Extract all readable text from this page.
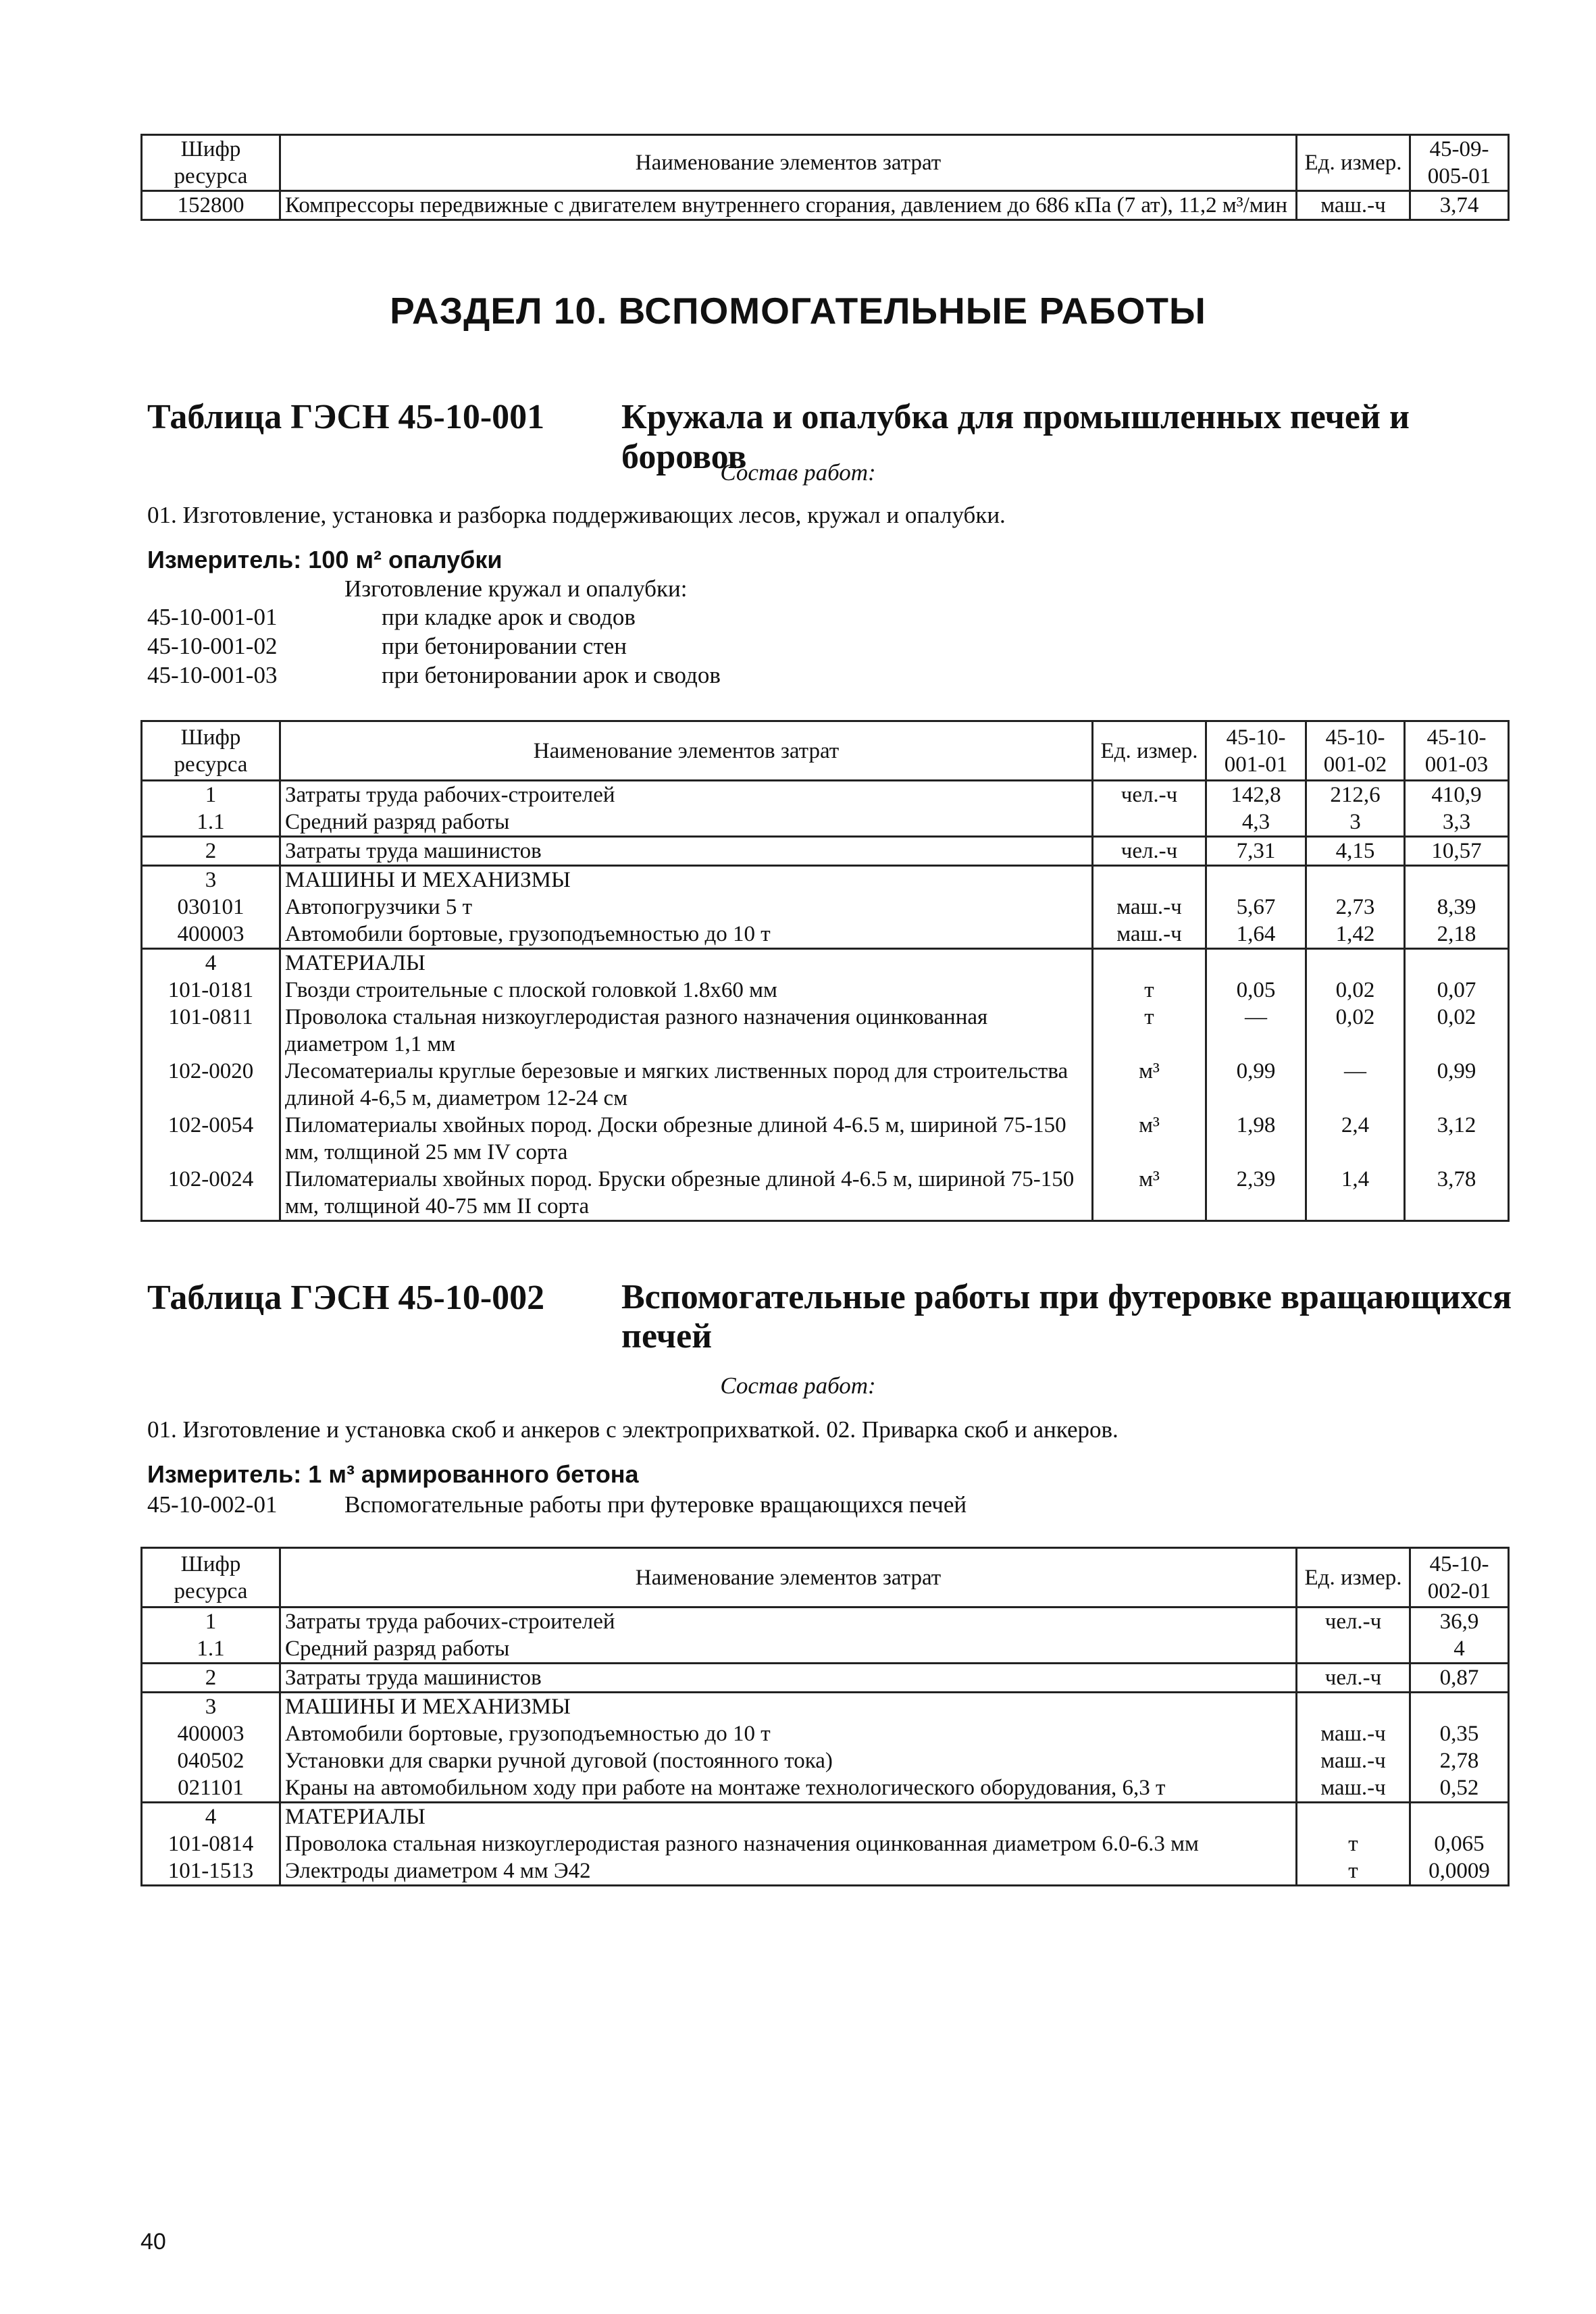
Шифр ресурса	Наименование элементов затрат	Ед. измер.	45-09-005-01
152800	Компрессоры передвижные с двигателем внутреннего сгорания, давлением до 686 кПа (7 ат), 11,2 м³/мин	маш.-ч	3,74
РАЗДЕЛ 10. ВСПОМОГАТЕЛЬНЫЕ РАБОТЫ
Таблица ГЭСН 45-10-001 Кружала и опалубка для промышленных печей и боровов
Состав работ:
01. Изготовление, установка и разборка поддерживающих лесов, кружал и опалубки.
Измеритель: 100 м² опалубки
Изготовление кружал и опалубки:
45-10-001-01	при кладке арок и сводов
45-10-001-02	при бетонировании стен
45-10-001-03	при бетонировании арок и сводов
Шифр ресурса	Наименование элементов затрат	Ед. измер.	45-10-001-01	45-10-001-02	45-10-001-03
1	Затраты труда рабочих-строителей	чел.-ч	142,8	212,6	410,9
1.1	Средний разряд работы		4,3	3	3,3
2	Затраты труда машинистов	чел.-ч	7,31	4,15	10,57
3	МАШИНЫ И МЕХАНИЗМЫ				
030101	Автопогрузчики 5 т	маш.-ч	5,67	2,73	8,39
400003	Автомобили бортовые, грузоподъемностью до 10 т	маш.-ч	1,64	1,42	2,18
4	МАТЕРИАЛЫ				
101-0181	Гвозди строительные с плоской головкой 1.8х60 мм	т	0,05	0,02	0,07
101-0811	Проволока стальная низкоуглеродистая разного назначения оцинкованная диаметром 1,1 мм	т	—	0,02	0,02
102-0020	Лесоматериалы круглые березовые и мягких лиственных пород для строительства длиной 4-6,5 м, диаметром 12-24 см	м³	0,99	—	0,99
102-0054	Пиломатериалы хвойных пород. Доски обрезные длиной 4-6.5 м, шириной 75-150 мм, толщиной 25 мм IV сорта	м³	1,98	2,4	3,12
102-0024	Пиломатериалы хвойных пород. Бруски обрезные длиной 4-6.5 м, шириной 75-150 мм, толщиной 40-75 мм II сорта	м³	2,39	1,4	3,78
Таблица ГЭСН 45-10-002 Вспомогательные работы при футеровке вращающихся печей
Состав работ:
01. Изготовление и установка скоб и анкеров с электроприхваткой. 02. Приварка скоб и анкеров.
Измеритель: 1 м³ армированного бетона
45-10-002-01	Вспомогательные работы при футеровке вращающихся печей
Шифр ресурса	Наименование элементов затрат	Ед. измер.	45-10-002-01
1	Затраты труда рабочих-строителей	чел.-ч	36,9
1.1	Средний разряд работы		4
2	Затраты труда машинистов	чел.-ч	0,87
3	МАШИНЫ И МЕХАНИЗМЫ		
400003	Автомобили бортовые, грузоподъемностью до 10 т	маш.-ч	0,35
040502	Установки для сварки ручной дуговой (постоянного тока)	маш.-ч	2,78
021101	Краны на автомобильном ходу при работе на монтаже технологического оборудования, 6,3 т	маш.-ч	0,52
4	МАТЕРИАЛЫ		
101-0814	Проволока стальная низкоуглеродистая разного назначения оцинкованная диаметром 6.0-6.3 мм	т	0,065
101-1513	Электроды диаметром 4 мм Э42	т	0,0009
40
